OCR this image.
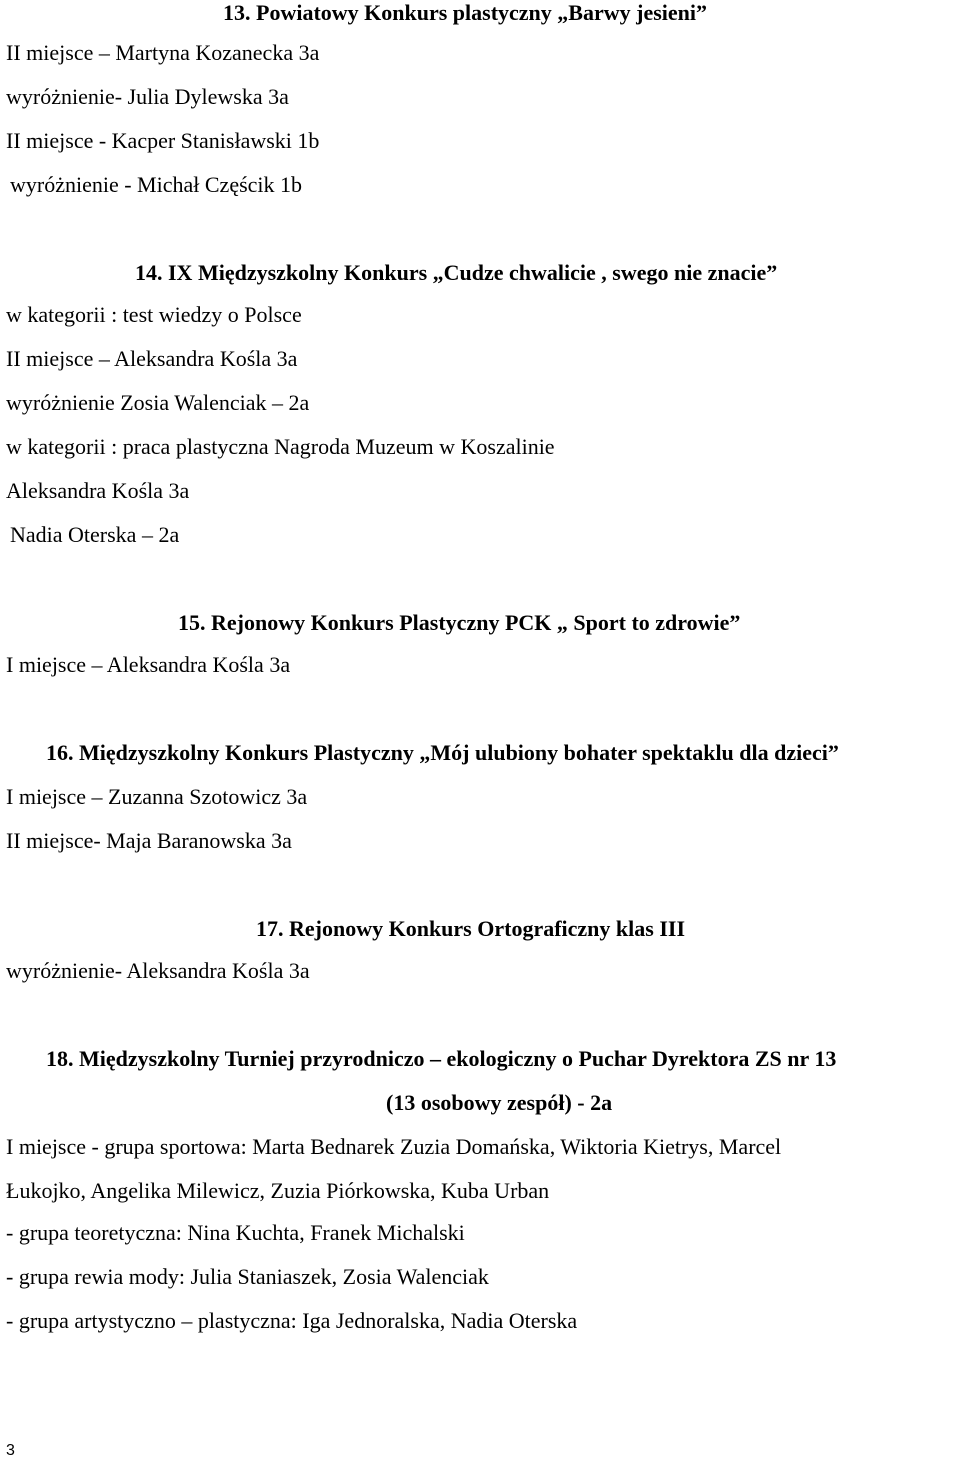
13. Powiatowy Konkurs plastyczny „Barwy jesieni”
II miejsce – Martyna Kozanecka 3a
wyróżnienie- Julia Dylewska 3a
II miejsce - Kacper Stanisławski 1b
wyróżnienie - Michał Częścik 1b
14. IX Międzyszkolny Konkurs „Cudze chwalicie , swego nie znacie”
w kategorii : test wiedzy o Polsce
II miejsce – Aleksandra Kośla 3a
wyróżnienie Zosia Walenciak – 2a
w kategorii : praca plastyczna Nagroda Muzeum w Koszalinie
Aleksandra Kośla 3a
Nadia Oterska – 2a
15. Rejonowy Konkurs Plastyczny PCK „ Sport to zdrowie”
I miejsce – Aleksandra Kośla 3a
16. Międzyszkolny Konkurs Plastyczny „Mój ulubiony bohater spektaklu dla dzieci”
I miejsce – Zuzanna Szotowicz 3a
II miejsce- Maja Baranowska 3a
17. Rejonowy Konkurs Ortograficzny klas III
wyróżnienie- Aleksandra Kośla 3a
18. Międzyszkolny Turniej przyrodniczo – ekologiczny o Puchar Dyrektora ZS nr 13
(13 osobowy zespół) - 2a
I miejsce - grupa sportowa: Marta Bednarek Zuzia Domańska, Wiktoria Kietrys, Marcel
Łukojko, Angelika Milewicz, Zuzia Piórkowska, Kuba Urban
- grupa teoretyczna: Nina Kuchta, Franek Michalski
- grupa rewia mody: Julia Staniaszek, Zosia Walenciak
- grupa artystyczno – plastyczna: Iga Jednoralska, Nadia Oterska
3
